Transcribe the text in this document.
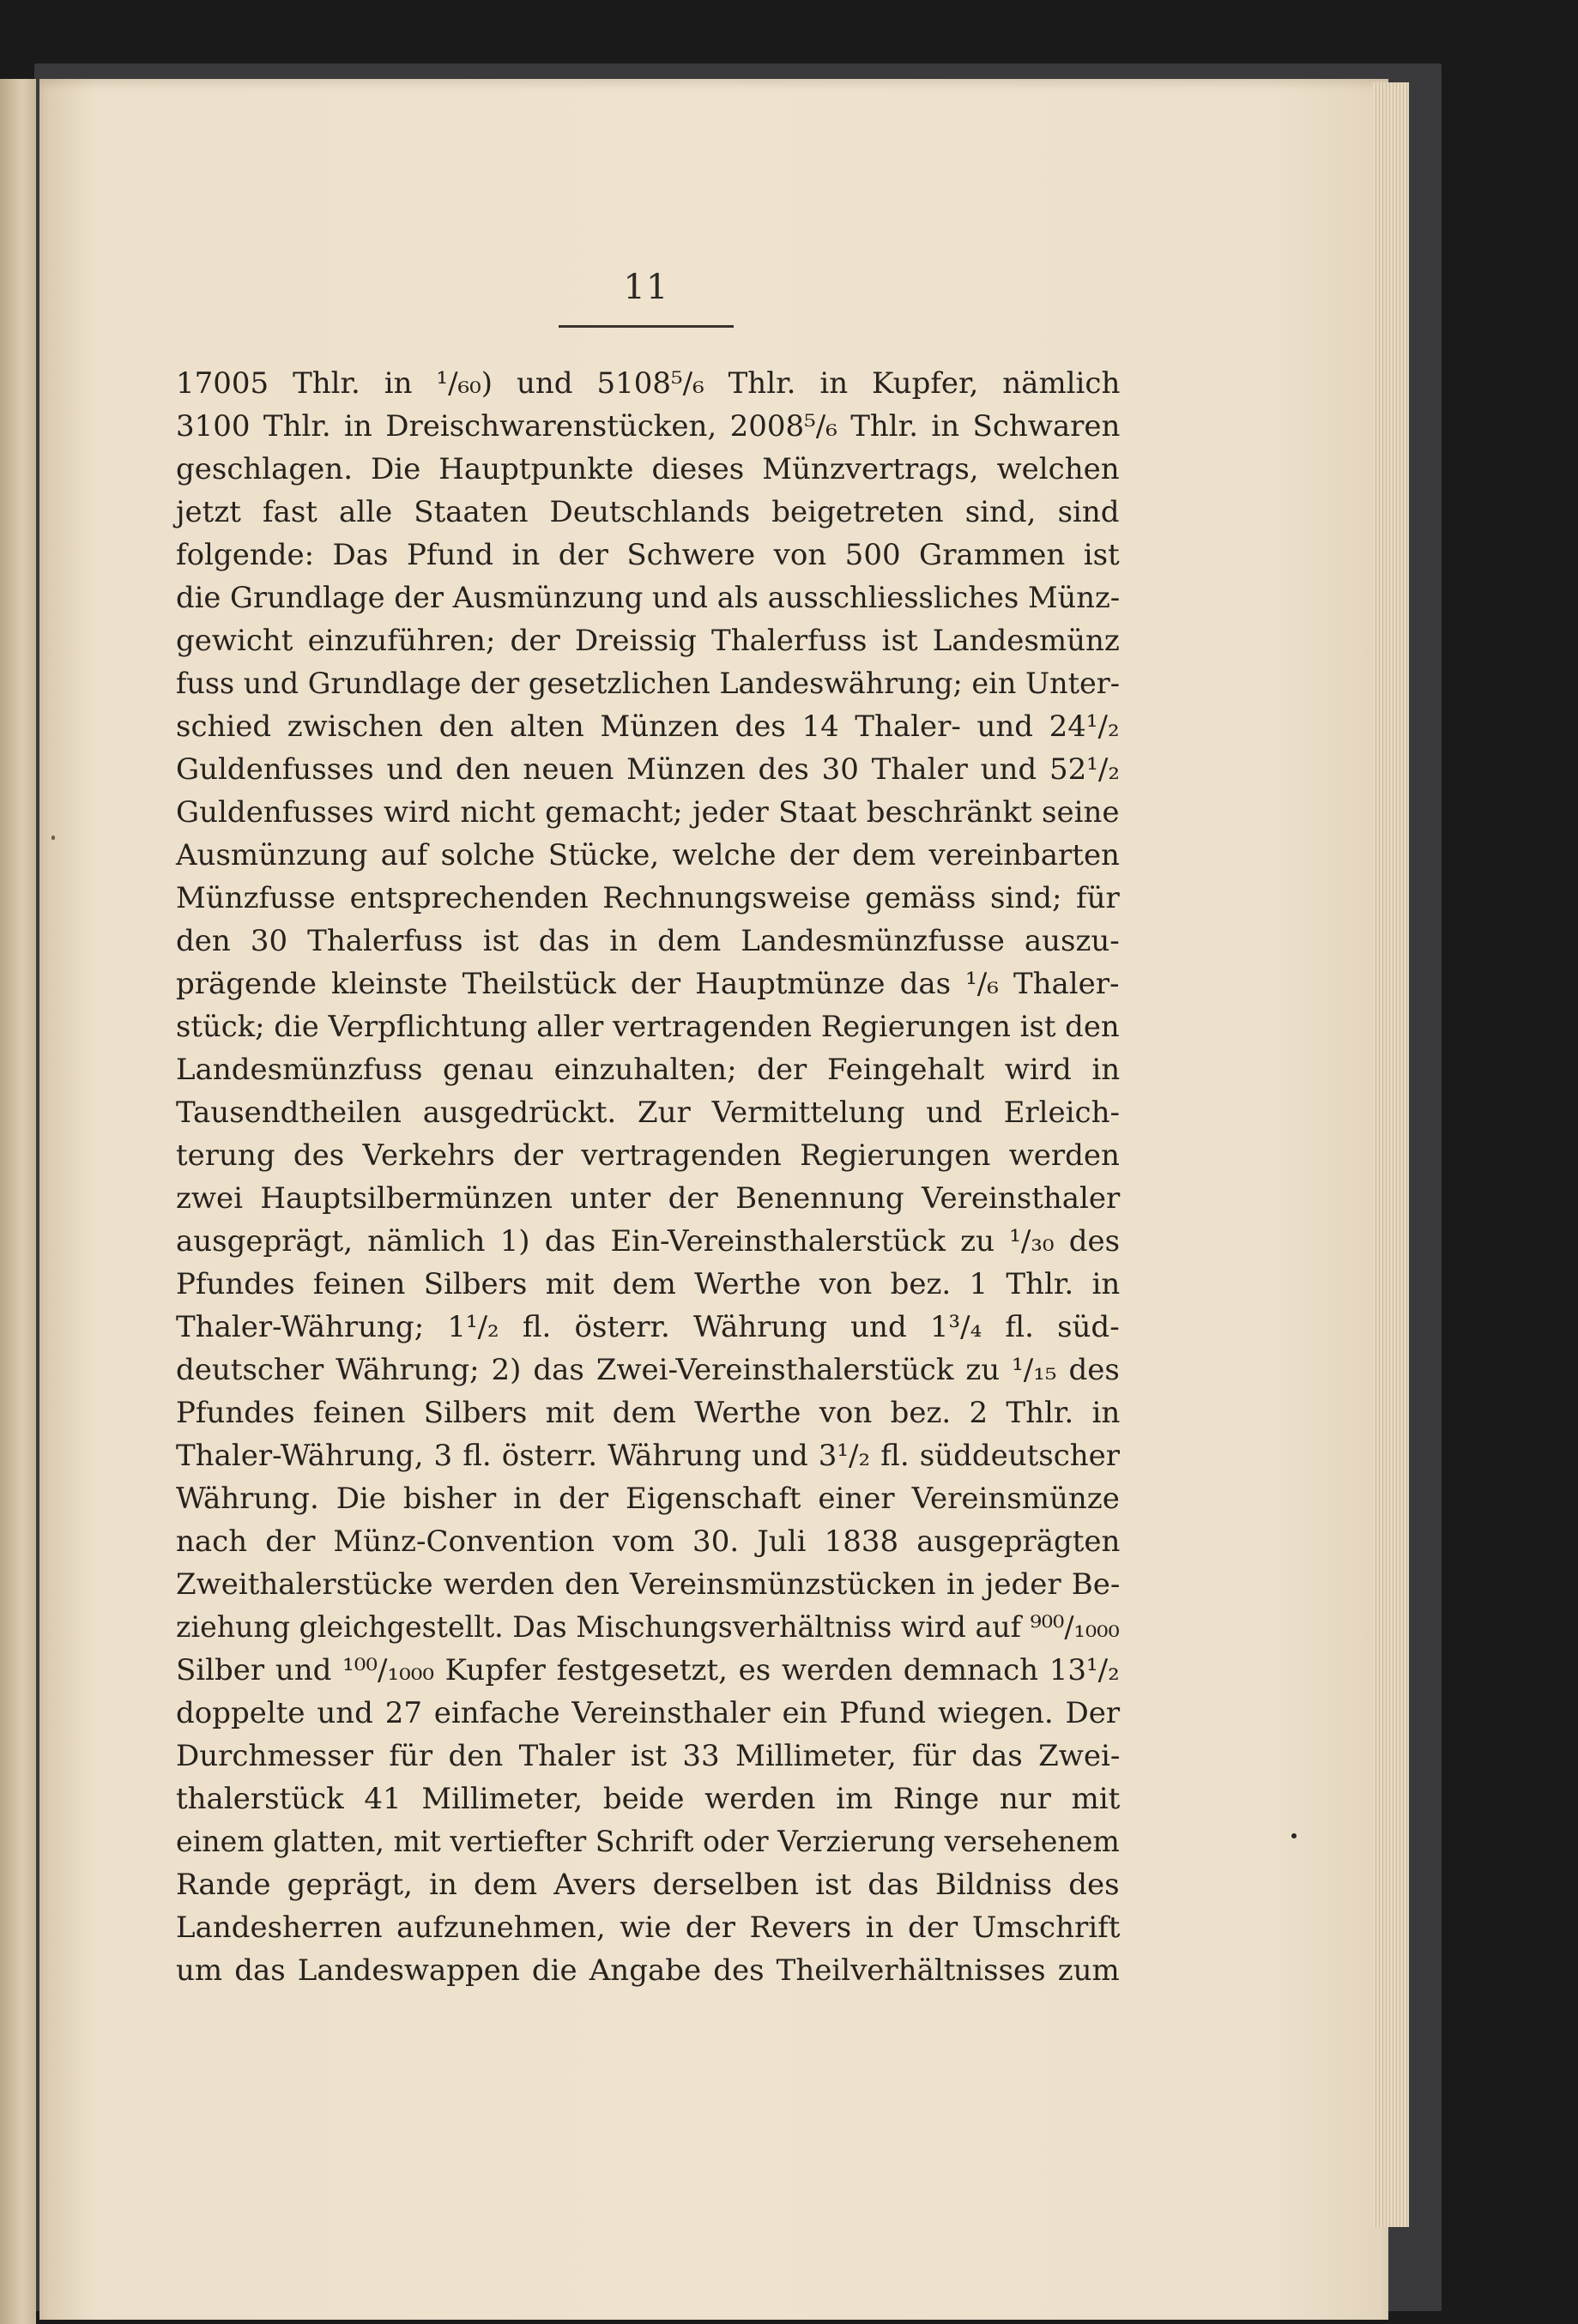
11
17005 Thlr. in ¹/₆₀) und 5108⁵/₆ Thlr. in Kupfer, nämlich
3100 Thlr. in Dreischwarenstücken, 2008⁵/₆ Thlr. in Schwaren
geschlagen. Die Hauptpunkte dieses Münzvertrags, welchen
jetzt fast alle Staaten Deutschlands beigetreten sind, sind
folgende: Das Pfund in der Schwere von 500 Grammen ist
die Grundlage der Ausmünzung und als ausschliessliches Münz-
gewicht einzuführen; der Dreissig Thalerfuss ist Landesmünz
fuss und Grundlage der gesetzlichen Landeswährung; ein Unter-
schied zwischen den alten Münzen des 14 Thaler- und 24¹/₂
Guldenfusses und den neuen Münzen des 30 Thaler und 52¹/₂
Guldenfusses wird nicht gemacht; jeder Staat beschränkt seine
Ausmünzung auf solche Stücke, welche der dem vereinbarten
Münzfusse entsprechenden Rechnungsweise gemäss sind; für
den 30 Thalerfuss ist das in dem Landesmünzfusse auszu-
prägende kleinste Theilstück der Hauptmünze das ¹/₆ Thaler-
stück; die Verpflichtung aller vertragenden Regierungen ist den
Landesmünzfuss genau einzuhalten; der Feingehalt wird in
Tausendtheilen ausgedrückt. Zur Vermittelung und Erleich-
terung des Verkehrs der vertragenden Regierungen werden
zwei Hauptsilbermünzen unter der Benennung Vereinsthaler
ausgeprägt, nämlich 1) das Ein-Vereinsthalerstück zu ¹/₃₀ des
Pfundes feinen Silbers mit dem Werthe von bez. 1 Thlr. in
Thaler-Währung; 1¹/₂ fl. österr. Währung und 1³/₄ fl. süd-
deutscher Währung; 2) das Zwei-Vereinsthalerstück zu ¹/₁₅ des
Pfundes feinen Silbers mit dem Werthe von bez. 2 Thlr. in
Thaler-Währung, 3 fl. österr. Währung und 3¹/₂ fl. süddeutscher
Währung. Die bisher in der Eigenschaft einer Vereinsmünze
nach der Münz-Convention vom 30. Juli 1838 ausgeprägten
Zweithalerstücke werden den Vereinsmünzstücken in jeder Be-
ziehung gleichgestellt. Das Mischungsverhältniss wird auf ⁹⁰⁰/₁₀₀₀
Silber und ¹⁰⁰/₁₀₀₀ Kupfer festgesetzt, es werden demnach 13¹/₂
doppelte und 27 einfache Vereinsthaler ein Pfund wiegen. Der
Durchmesser für den Thaler ist 33 Millimeter, für das Zwei-
thalerstück 41 Millimeter, beide werden im Ringe nur mit
einem glatten, mit vertiefter Schrift oder Verzierung versehenem
Rande geprägt, in dem Avers derselben ist das Bildniss des
Landesherren aufzunehmen, wie der Revers in der Umschrift
um das Landeswappen die Angabe des Theilverhältnisses zum
